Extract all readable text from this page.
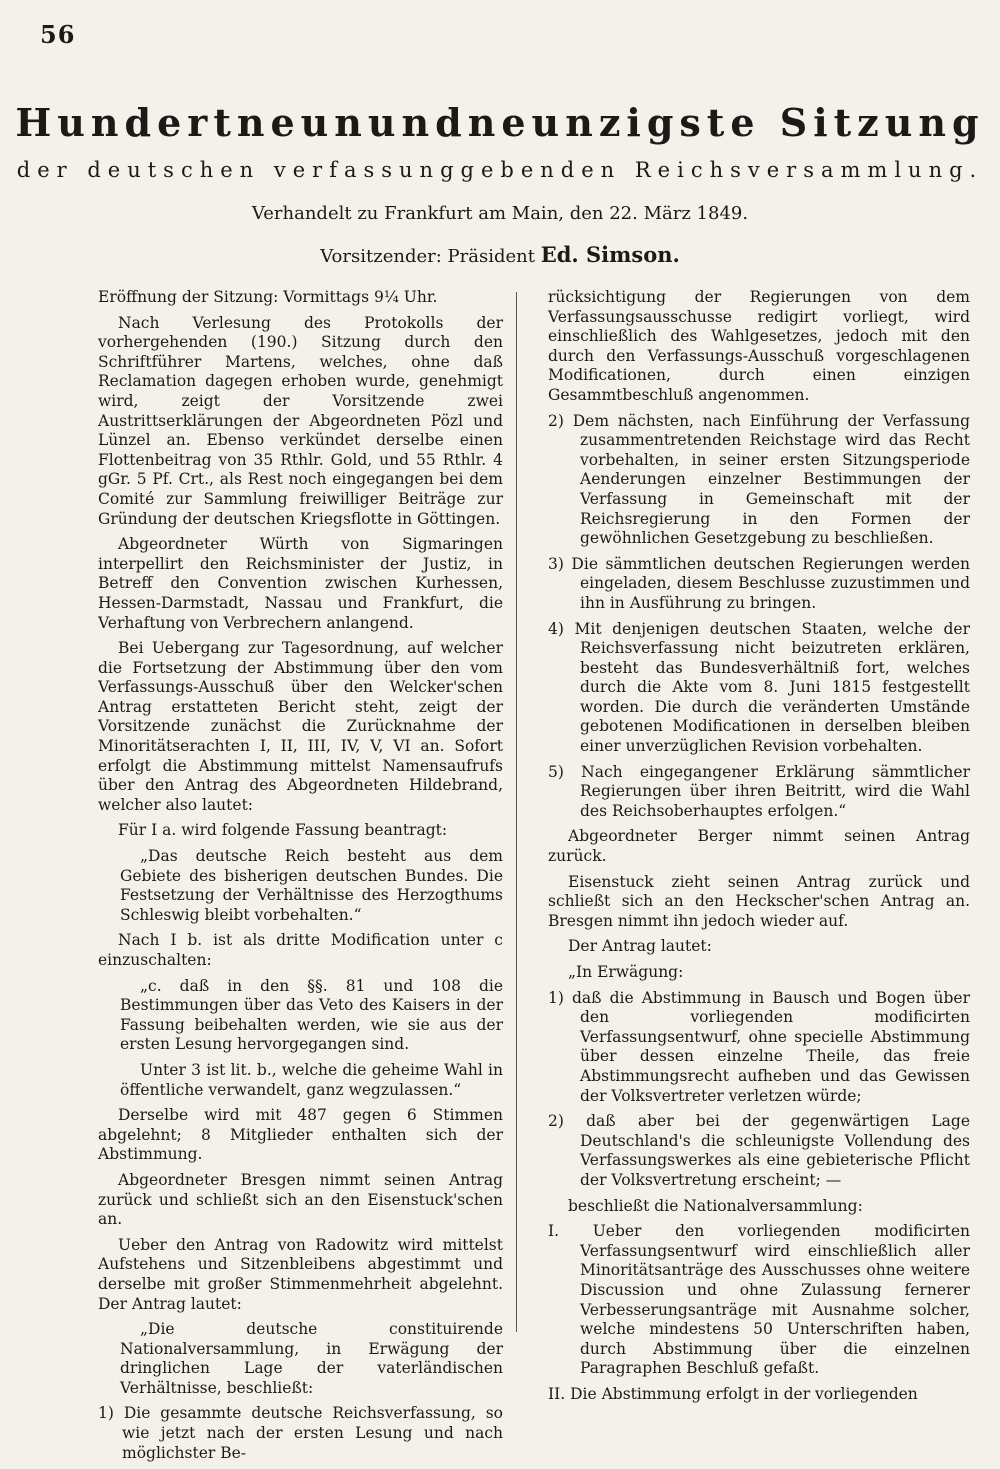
56
Hundertneunundneunzigste Sitzung
der deutschen verfassunggebenden Reichsversammlung.
Verhandelt zu Frankfurt am Main, den 22. März 1849.
Vorsitzender: Präsident Ed. Simson.

Eröffnung der Sitzung: Vormittags 9¼ Uhr.

Nach Verlesung des Protokolls der vorhergehenden (190.) Sitzung durch den Schriftführer Martens, welches, ohne daß Reclamation dagegen erhoben wurde, genehmigt wird, zeigt der Vorsitzende zwei Austrittserklärungen der Abgeordneten Pözl und Lünzel an. Ebenso verkündet derselbe einen Flottenbeitrag von 35 Rthlr. Gold, und 55 Rthlr. 4 gGr. 5 Pf. Crt., als Rest noch eingegangen bei dem Comité zur Sammlung freiwilliger Beiträge zur Gründung der deutschen Kriegsflotte in Göttingen.

Abgeordneter Würth von Sigmaringen interpellirt den Reichsminister der Justiz, in Betreff den Convention zwischen Kurhessen, Hessen-Darmstadt, Nassau und Frankfurt, die Verhaftung von Verbrechern anlangend.

Bei Uebergang zur Tagesordnung, auf welcher die Fortsetzung der Abstimmung über den vom Verfassungs-Ausschuß über den Welcker'schen Antrag erstatteten Bericht steht, zeigt der Vorsitzende zunächst die Zurücknahme der Minoritätserachten I, II, III, IV, V, VI an. Sofort erfolgt die Abstimmung mittelst Namensaufrufs über den Antrag des Abgeordneten Hildebrand, welcher also lautet:

Für I a. wird folgende Fassung beantragt:

„Das deutsche Reich besteht aus dem Gebiete des bisherigen deutschen Bundes. Die Festsetzung der Verhältnisse des Herzogthums Schleswig bleibt vorbehalten.“

Nach I b. ist als dritte Modification unter c einzuschalten:

„c. daß in den §§. 81 und 108 die Bestimmungen über das Veto des Kaisers in der Fassung beibehalten werden, wie sie aus der ersten Lesung hervorgegangen sind.

Unter 3 ist lit. b., welche die geheime Wahl in öffentliche verwandelt, ganz wegzulassen.“

Derselbe wird mit 487 gegen 6 Stimmen abgelehnt; 8 Mitglieder enthalten sich der Abstimmung.

Abgeordneter Bresgen nimmt seinen Antrag zurück und schließt sich an den Eisenstuck'schen an.

Ueber den Antrag von Radowitz wird mittelst Aufstehens und Sitzenbleibens abgestimmt und derselbe mit großer Stimmenmehrheit abgelehnt. Der Antrag lautet:

„Die deutsche constituirende Nationalversammlung, in Erwägung der dringlichen Lage der vaterländischen Verhältnisse, beschließt:

1) Die gesammte deutsche Reichsverfassung, so wie jetzt nach der ersten Lesung und nach möglichster Be-

rücksichtigung der Regierungen von dem Verfassungsausschusse redigirt vorliegt, wird einschließlich des Wahlgesetzes, jedoch mit den durch den Verfassungs-Ausschuß vorgeschlagenen Modificationen, durch einen einzigen Gesammtbeschluß angenommen.

2) Dem nächsten, nach Einführung der Verfassung zusammentretenden Reichstage wird das Recht vorbehalten, in seiner ersten Sitzungsperiode Aenderungen einzelner Bestimmungen der Verfassung in Gemeinschaft mit der Reichsregierung in den Formen der gewöhnlichen Gesetzgebung zu beschließen.

3) Die sämmtlichen deutschen Regierungen werden eingeladen, diesem Beschlusse zuzustimmen und ihn in Ausführung zu bringen.

4) Mit denjenigen deutschen Staaten, welche der Reichsverfassung nicht beizutreten erklären, besteht das Bundesverhältniß fort, welches durch die Akte vom 8. Juni 1815 festgestellt worden. Die durch die veränderten Umstände gebotenen Modificationen in derselben bleiben einer unverzüglichen Revision vorbehalten.

5) Nach eingegangener Erklärung sämmtlicher Regierungen über ihren Beitritt, wird die Wahl des Reichsoberhauptes erfolgen.“

Abgeordneter Berger nimmt seinen Antrag zurück.

Eisenstuck zieht seinen Antrag zurück und schließt sich an den Heckscher'schen Antrag an. Bresgen nimmt ihn jedoch wieder auf.

Der Antrag lautet:

„In Erwägung:

1) daß die Abstimmung in Bausch und Bogen über den vorliegenden modificirten Verfassungsentwurf, ohne specielle Abstimmung über dessen einzelne Theile, das freie Abstimmungsrecht aufheben und das Gewissen der Volksvertreter verletzen würde;

2) daß aber bei der gegenwärtigen Lage Deutschland's die schleunigste Vollendung des Verfassungswerkes als eine gebieterische Pflicht der Volksvertretung erscheint; —

beschließt die Nationalversammlung:

I. Ueber den vorliegenden modificirten Verfassungsentwurf wird einschließlich aller Minoritätsanträge des Ausschusses ohne weitere Discussion und ohne Zulassung fernerer Verbesserungsanträge mit Ausnahme solcher, welche mindestens 50 Unterschriften haben, durch Abstimmung über die einzelnen Paragraphen Beschluß gefaßt.

II. Die Abstimmung erfolgt in der vorliegenden
